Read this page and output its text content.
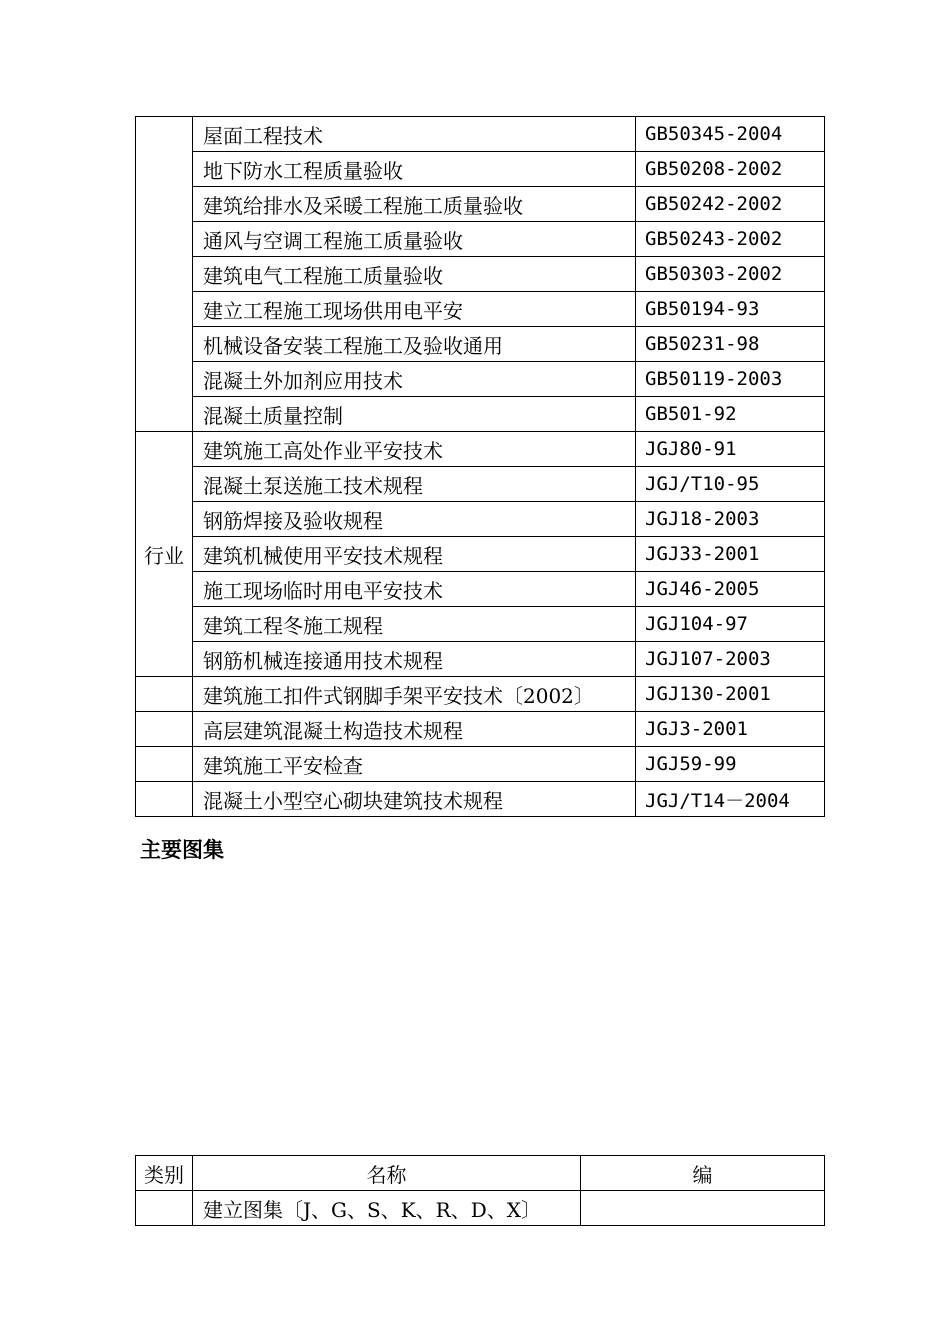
	屋面工程技术	GB50345-2004
	地下防水工程质量验收	GB50208-2002
	建筑给排水及采暖工程施工质量验收	GB50242-2002
	通风与空调工程施工质量验收	GB50243-2002
	建筑电气工程施工质量验收	GB50303-2002
	建立工程施工现场供用电平安	GB50194-93
	机械设备安装工程施工及验收通用	GB50231-98
	混凝土外加剂应用技术	GB50119-2003
	混凝土质量控制	GB501-92
行业	建筑施工高处作业平安技术	JGJ80-91
	混凝土泵送施工技术规程	JGJ/T10-95
	钢筋焊接及验收规程	JGJ18-2003
	建筑机械使用平安技术规程	JGJ33-2001
	施工现场临时用电平安技术	JGJ46-2005
	建筑工程冬施工规程	JGJ104-97
	钢筋机械连接通用技术规程	JGJ107-2003
	建筑施工扣件式钢脚手架平安技术〔2002〕	JGJ130-2001
	高层建筑混凝土构造技术规程	JGJ3-2001
	建筑施工平安检查	JGJ59-99
	混凝土小型空心砌块建筑技术规程	JGJ/T14－2004
主要图集
类别	名称	编
	建立图集〔J、G、S、K、R、D、X〕	
